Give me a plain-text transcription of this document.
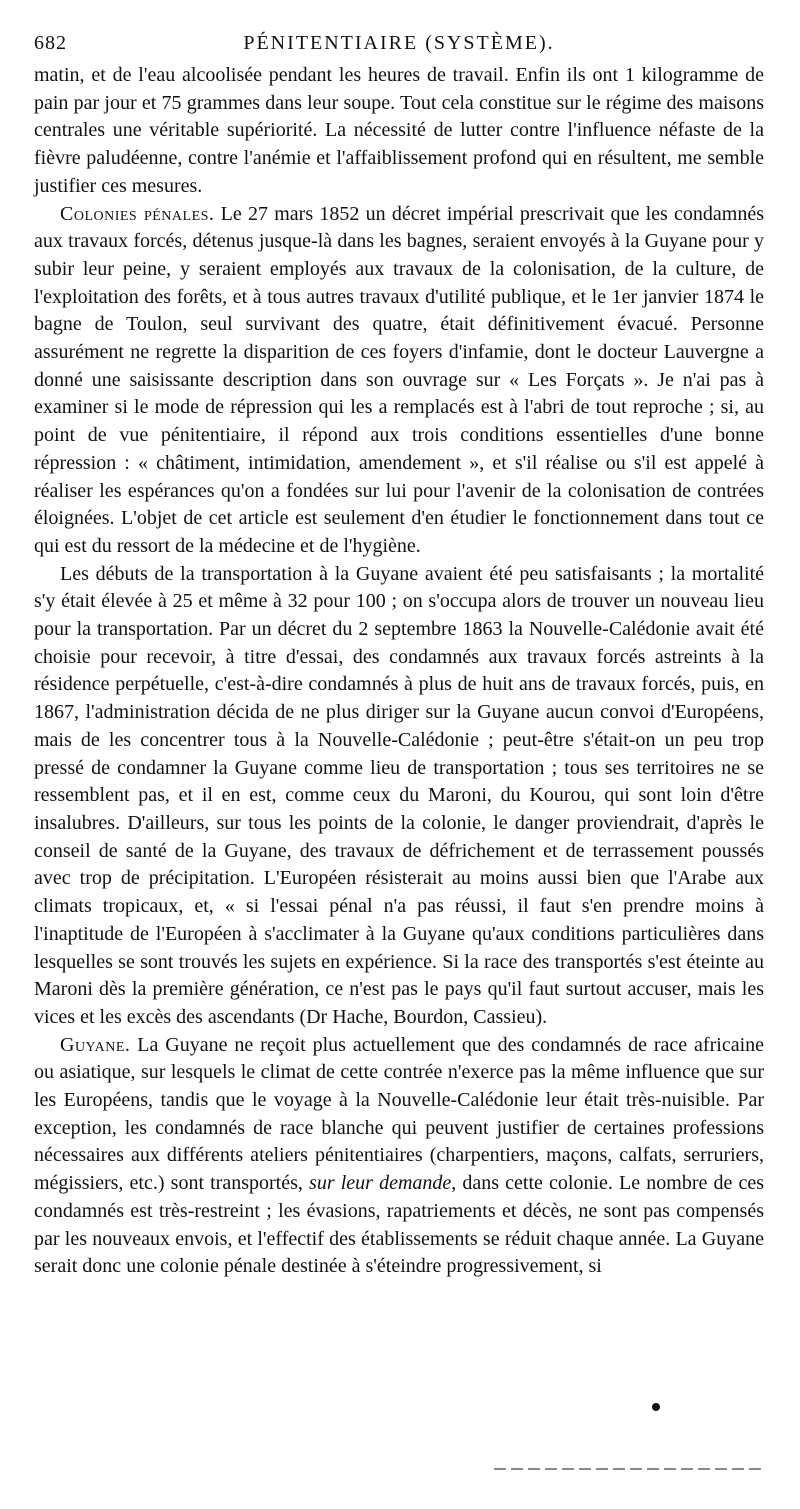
682	PÉNITENTIAIRE (SYSTÈME).

matin, et de l'eau alcoolisée pendant les heures de travail. Enfin ils ont 1 kilogramme de pain par jour et 75 grammes dans leur soupe. Tout cela constitue sur le régime des maisons centrales une véritable supériorité. La nécessité de lutter contre l'influence néfaste de la fièvre paludéenne, contre l'anémie et l'affaiblissement profond qui en résultent, me semble justifier ces mesures.

Colonies pénales. Le 27 mars 1852 un décret impérial prescrivait que les condamnés aux travaux forcés, détenus jusque-là dans les bagnes, seraient envoyés à la Guyane pour y subir leur peine, y seraient employés aux travaux de la colonisation, de la culture, de l'exploitation des forêts, et à tous autres travaux d'utilité publique, et le 1er janvier 1874 le bagne de Toulon, seul survivant des quatre, était définitivement évacué. Personne assurément ne regrette la disparition de ces foyers d'infamie, dont le docteur Lauvergne a donné une saisissante description dans son ouvrage sur « Les Forçats ». Je n'ai pas à examiner si le mode de répression qui les a remplacés est à l'abri de tout reproche ; si, au point de vue pénitentiaire, il répond aux trois conditions essentielles d'une bonne répression : « châtiment, intimidation, amendement », et s'il réalise ou s'il est appelé à réaliser les espérances qu'on a fondées sur lui pour l'avenir de la colonisation de contrées éloignées. L'objet de cet article est seulement d'en étudier le fonctionnement dans tout ce qui est du ressort de la médecine et de l'hygiène.

Les débuts de la transportation à la Guyane avaient été peu satisfaisants ; la mortalité s'y était élevée à 25 et même à 32 pour 100 ; on s'occupa alors de trouver un nouveau lieu pour la transportation. Par un décret du 2 septembre 1863 la Nouvelle-Calédonie avait été choisie pour recevoir, à titre d'essai, des condamnés aux travaux forcés astreints à la résidence perpétuelle, c'est-à-dire condamnés à plus de huit ans de travaux forcés, puis, en 1867, l'administration décida de ne plus diriger sur la Guyane aucun convoi d'Européens, mais de les concentrer tous à la Nouvelle-Calédonie ; peut-être s'était-on un peu trop pressé de condamner la Guyane comme lieu de transportation ; tous ses territoires ne se ressemblent pas, et il en est, comme ceux du Maroni, du Kourou, qui sont loin d'être insalubres. D'ailleurs, sur tous les points de la colonie, le danger proviendrait, d'après le conseil de santé de la Guyane, des travaux de défrichement et de terrassement poussés avec trop de précipitation. L'Européen résisterait au moins aussi bien que l'Arabe aux climats tropicaux, et, « si l'essai pénal n'a pas réussi, il faut s'en prendre moins à l'inaptitude de l'Européen à s'acclimater à la Guyane qu'aux conditions particulières dans lesquelles se sont trouvés les sujets en expérience. Si la race des transportés s'est éteinte au Maroni dès la première génération, ce n'est pas le pays qu'il faut surtout accuser, mais les vices et les excès des ascendants (Dr Hache, Bourdon, Cassieu).

Guyane. La Guyane ne reçoit plus actuellement que des condamnés de race africaine ou asiatique, sur lesquels le climat de cette contrée n'exerce pas la même influence que sur les Européens, tandis que le voyage à la Nouvelle-Calédonie leur était très-nuisible. Par exception, les condamnés de race blanche qui peuvent justifier de certaines professions nécessaires aux différents ateliers pénitentiaires (charpentiers, maçons, calfats, serruriers, mégissiers, etc.) sont transportés, sur leur demande, dans cette colonie. Le nombre de ces condamnés est très-restreint ; les évasions, rapatriements et décès, ne sont pas compensés par les nouveaux envois, et l'effectif des établissements se réduit chaque année. La Guyane serait donc une colonie pénale destinée à s'éteindre progressivement, si
